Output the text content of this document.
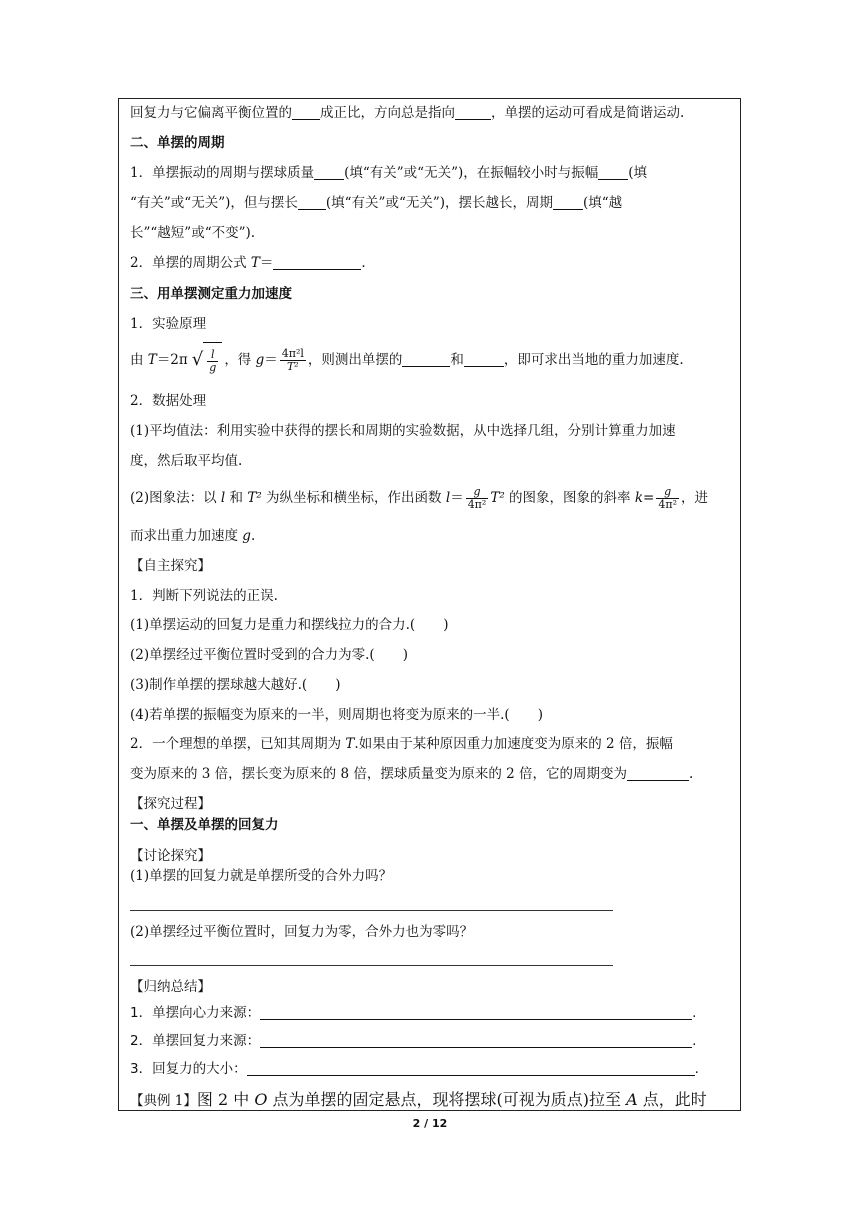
回复力与它偏离平衡位置的 成正比，方向总是指向	，单摆的运动可看成是简谐运动.
二、单摆的周期
1．单摆振动的周期与摆球质量 (填“有关”或“无关”)，在振幅较小时与振幅 (填
“有关”或“无关”)，但与摆长 (填“有关”或“无关”)，摆长越长，周期 (填“越
长”“越短”或“不变”).
2．单摆的周期公式 T＝	.
三、用单摆测定重力加速度
1．实验原理
由 T＝2π √ $\frac{l}{g}$ ，得 $g= \frac{\text{4π²l}}{\text{T²}}$ ，则测出单摆的	和	，即可求出当地的重力加速度.
2．数据处理
(1)平均值法：利用实验中获得的摆长和周期的实验数据，从中选择几组，分别计算重力加速
度，然后取平均值.
(2)图象法：以 l 和 T² 为纵坐标和横坐标，作出函数 $l= \frac{g}{\text{4π²}} T^2$ 的图象，图象的斜率 $k= \frac{g}{\text{4π²}}$ ，进
而求出重力加速度 g.
【自主探究】
1．判断下列说法的正误.
(1)单摆运动的回复力是重力和摆线拉力的合力.( )
(2)单摆经过平衡位置时受到的合力为零.( )
(3)制作单摆的摆球越大越好.( )
(4)若单摆的振幅变为原来的一半，则周期也将变为原来的一半.( )
2．一个理想的单摆，已知其周期为 T.如果由于某种原因重力加速度变为原来的 2 倍，振幅
变为原来的 3 倍，摆长变为原来的 8 倍，摆球质量变为原来的 2 倍，它的周期变为	.
【探究过程】
一、单摆及单摆的回复力
【讨论探究】
(1)单摆的回复力就是单摆所受的合外力吗？
(2)单摆经过平衡位置时，回复力为零，合外力也为零吗？
【归纳总结】
1．单摆向心力来源：	.
2．单摆回复力来源：	.
3．回复力的大小：	.
【典例 1】图 2 中 O 点为单摆的固定悬点，现将摆球(可视为质点)拉至 A 点，此时
2 / 12
